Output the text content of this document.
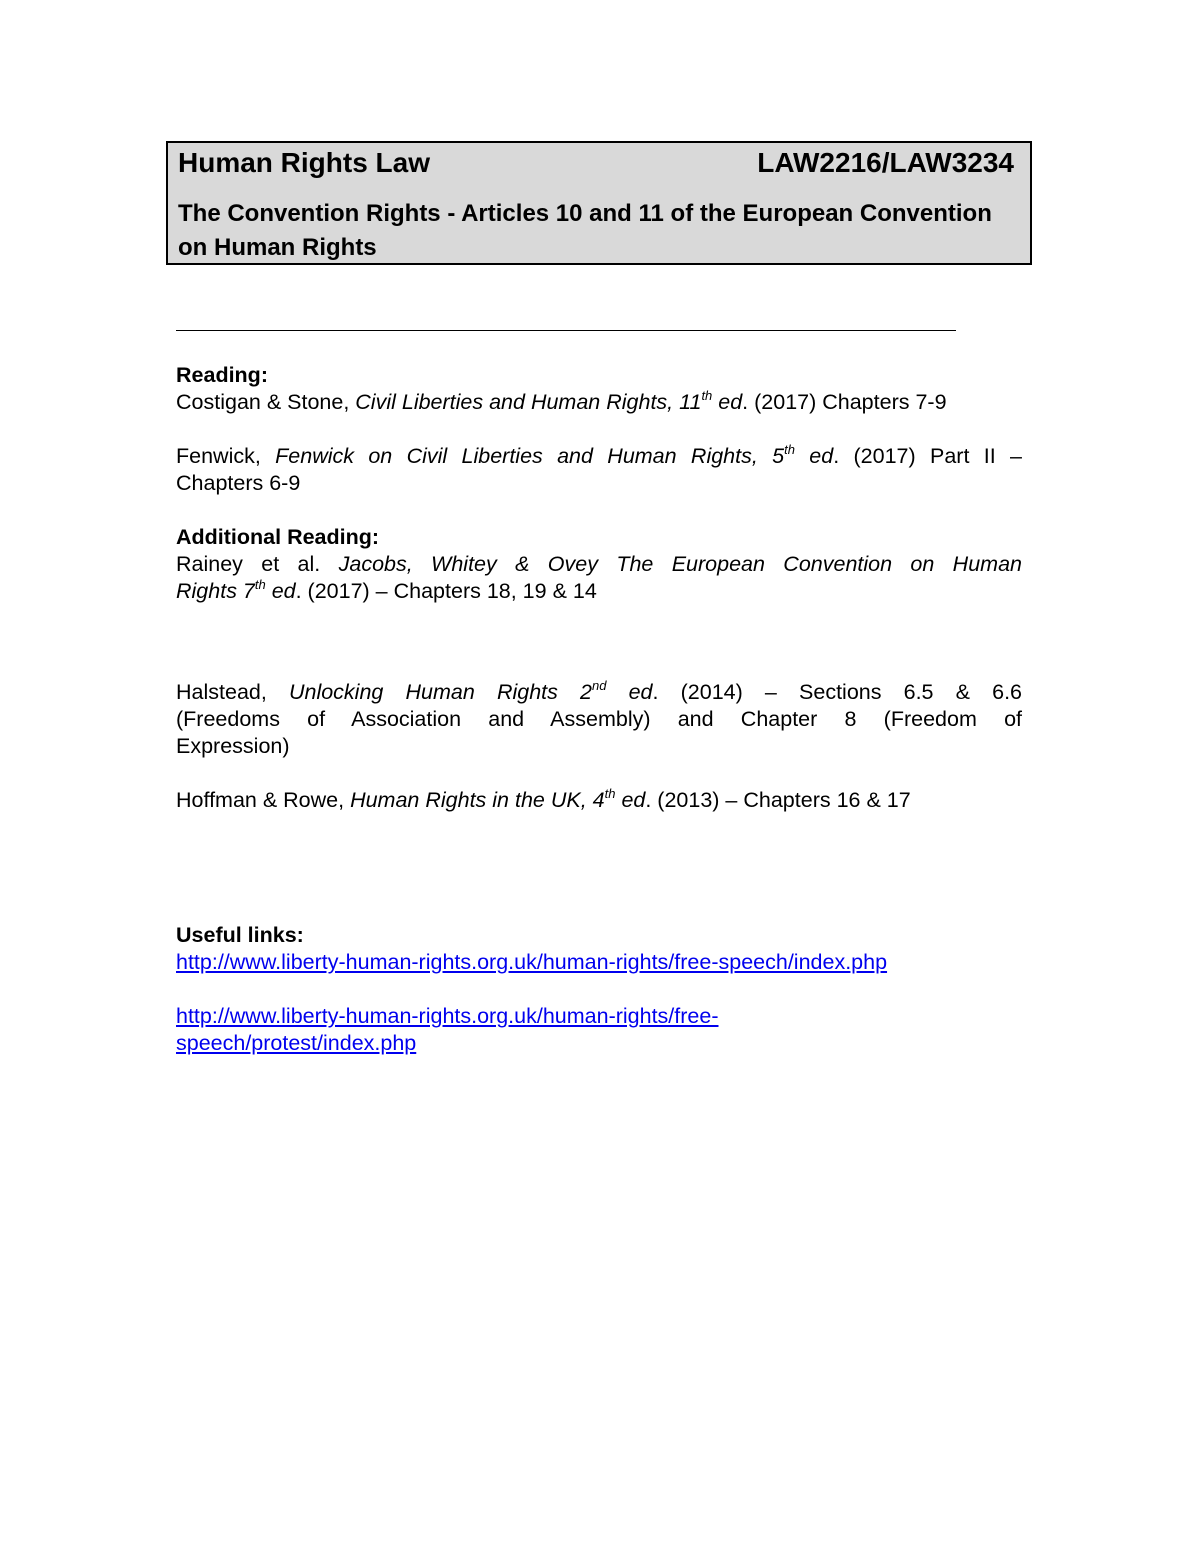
Human Rights Law	LAW2216/LAW3234
The Convention Rights - Articles 10 and 11 of the European Convention on Human Rights

Reading:

Costigan & Stone, Civil Liberties and Human Rights, 11th ed. (2017) Chapters 7-9

Fenwick, Fenwick on Civil Liberties and Human Rights, 5th ed. (2017) Part II –

Chapters 6-9

Additional Reading:

Rainey et al. Jacobs, Whitey & Ovey The European Convention on Human

Rights 7th ed. (2017) – Chapters 18, 19 & 14

Halstead, Unlocking Human Rights 2nd ed. (2014) – Sections 6.5 & 6.6

(Freedoms of Association and Assembly) and Chapter 8 (Freedom of

Expression)

Hoffman & Rowe, Human Rights in the UK, 4th ed. (2013) – Chapters 16 & 17

Useful links:

http://www.liberty-human-rights.org.uk/human-rights/free-speech/index.php

http://www.liberty-human-rights.org.uk/human-rights/free-

speech/protest/index.php
